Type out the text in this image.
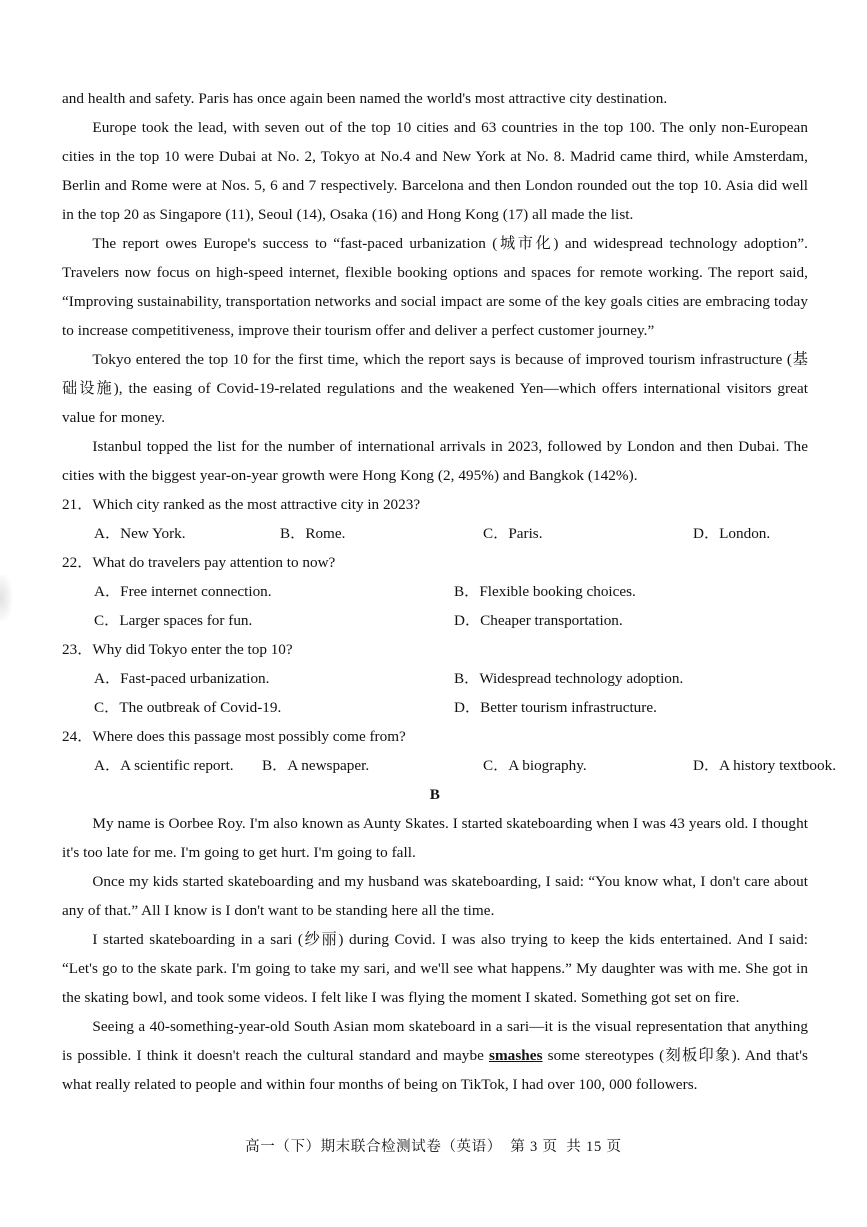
and health and safety. Paris has once again been named the world's most attractive city destination.

Europe took the lead, with seven out of the top 10 cities and 63 countries in the top 100. The only non-European cities in the top 10 were Dubai at No. 2, Tokyo at No.4 and New York at No. 8. Madrid came third, while Amsterdam, Berlin and Rome were at Nos. 5, 6 and 7 respectively. Barcelona and then London rounded out the top 10. Asia did well in the top 20 as Singapore (11), Seoul (14), Osaka (16) and Hong Kong (17) all made the list.

The report owes Europe's success to “fast-paced urbanization (城市化) and widespread technology adoption”. Travelers now focus on high-speed internet, flexible booking options and spaces for remote working. The report said, “Improving sustainability, transportation networks and social impact are some of the key goals cities are embracing today to increase competitiveness, improve their tourism offer and deliver a perfect customer journey.”

Tokyo entered the top 10 for the first time, which the report says is because of improved tourism infrastructure (基础设施), the easing of Covid-19-related regulations and the weakened Yen—which offers international visitors great value for money.

Istanbul topped the list for the number of international arrivals in 2023, followed by London and then Dubai. The cities with the biggest year-on-year growth were Hong Kong (2, 495%) and Bangkok (142%).

21．Which city ranked as the most attractive city in 2023?
A．New York.	B．Rome.	C．Paris.	D．London.
22．What do travelers pay attention to now?
A．Free internet connection.	B．Flexible booking choices.
C．Larger spaces for fun.	D．Cheaper transportation.
23．Why did Tokyo enter the top 10?
A．Fast-paced urbanization.	B．Widespread technology adoption.
C．The outbreak of Covid-19.	D．Better tourism infrastructure.
24．Where does this passage most possibly come from?
A．A scientific report. B．A newspaper.	C．A biography.	D．A history textbook.

B

My name is Oorbee Roy. I'm also known as Aunty Skates. I started skateboarding when I was 43 years old. I thought it's too late for me. I'm going to get hurt. I'm going to fall.

Once my kids started skateboarding and my husband was skateboarding, I said: “You know what, I don't care about any of that.” All I know is I don't want to be standing here all the time.

I started skateboarding in a sari (纱丽) during Covid. I was also trying to keep the kids entertained. And I said: “Let's go to the skate park. I'm going to take my sari, and we'll see what happens.” My daughter was with me. She got in the skating bowl, and took some videos. I felt like I was flying the moment I skated. Something got set on fire.

Seeing a 40-something-year-old South Asian mom skateboard in a sari—it is the visual representation that anything is possible. I think it doesn't reach the cultural standard and maybe smashes some stereotypes (刻板印象). And that's what really related to people and within four months of being on TikTok, I had over 100, 000 followers.

高一（下）期末联合检测试卷（英语） 第 3 页 共 15 页
